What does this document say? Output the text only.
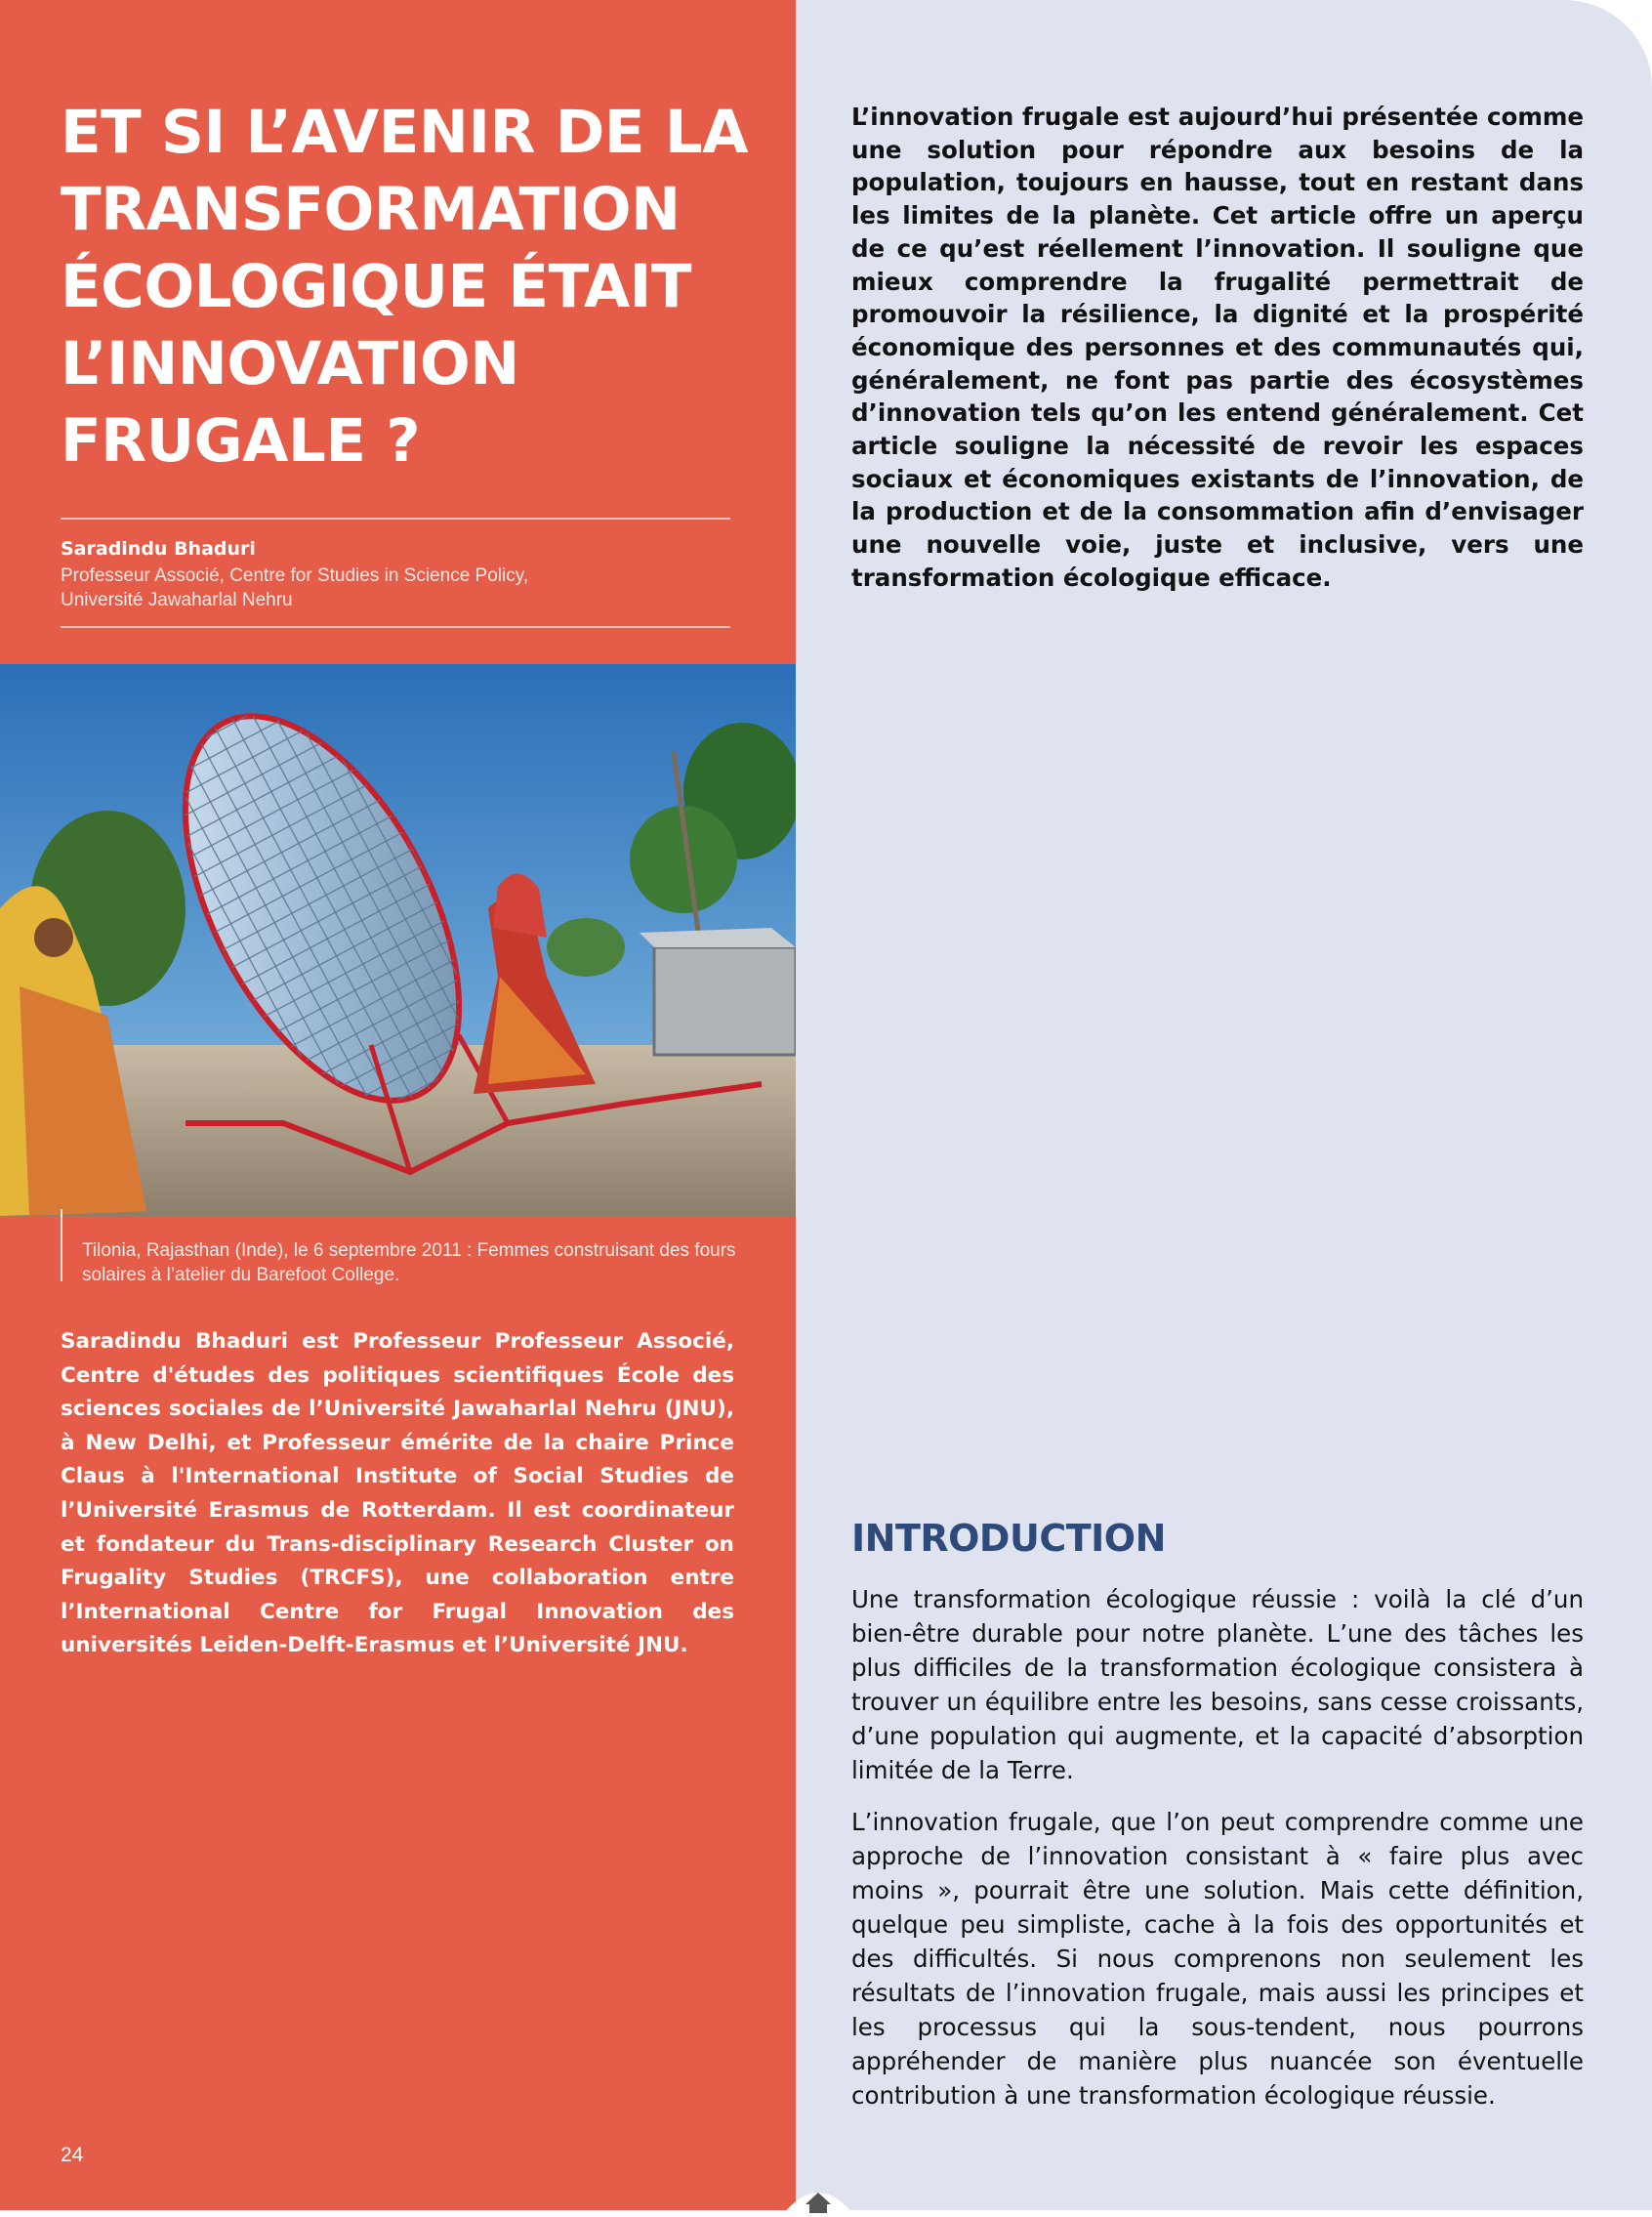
ET SI L’AVENIR DE LA TRANSFORMATION ÉCOLOGIQUE ÉTAIT L’INNOVATION FRUGALE ?
Saradindu Bhaduri
Professeur Associé, Centre for Studies in Science Policy, Université Jawaharlal Nehru
Tilonia, Rajasthan (Inde), le 6 septembre 2011 : Femmes construisant des fours solaires à l’atelier du Barefoot College.
Saradindu Bhaduri est Professeur Professeur Associé, Centre d'études des politiques scientifiques École des sciences sociales de l’Université Jawaharlal Nehru (JNU), à New Delhi, et Professeur émérite de la chaire Prince Claus à l'International Institute of Social Studies de l’Université Erasmus de Rotterdam. Il est coordinateur et fondateur du Trans-disciplinary Research Cluster on Frugality Studies (TRCFS), une collaboration entre l’International Centre for Frugal Innovation des universités Leiden-Delft-Erasmus et l’Université JNU.
24
L’innovation frugale est aujourd’hui présentée comme une solution pour répondre aux besoins de la population, toujours en hausse, tout en restant dans les limites de la planète. Cet article offre un aperçu de ce qu’est réellement l’innovation. Il souligne que mieux comprendre la frugalité permettrait de promouvoir la résilience, la dignité et la prospérité économique des personnes et des communautés qui, généralement, ne font pas partie des écosystèmes d’innovation tels qu’on les entend généralement. Cet article souligne la nécessité de revoir les espaces sociaux et économiques existants de l’innovation, de la production et de la consommation afin d’envisager une nouvelle voie, juste et inclusive, vers une transformation écologique efficace.
INTRODUCTION
Une transformation écologique réussie : voilà la clé d’un bien-être durable pour notre planète. L’une des tâches les plus difficiles de la transformation écologique consistera à trouver un équilibre entre les besoins, sans cesse croissants, d’une population qui augmente, et la capacité d’absorption limitée de la Terre.
L’innovation frugale, que l’on peut comprendre comme une approche de l’innovation consistant à « faire plus avec moins », pourrait être une solution. Mais cette définition, quelque peu simpliste, cache à la fois des opportunités et des difficultés. Si nous comprenons non seulement les résultats de l’innovation frugale, mais aussi les principes et les processus qui la sous-tendent, nous pourrons appréhender de manière plus nuancée son éventuelle contribution à une transformation écologique réussie.
